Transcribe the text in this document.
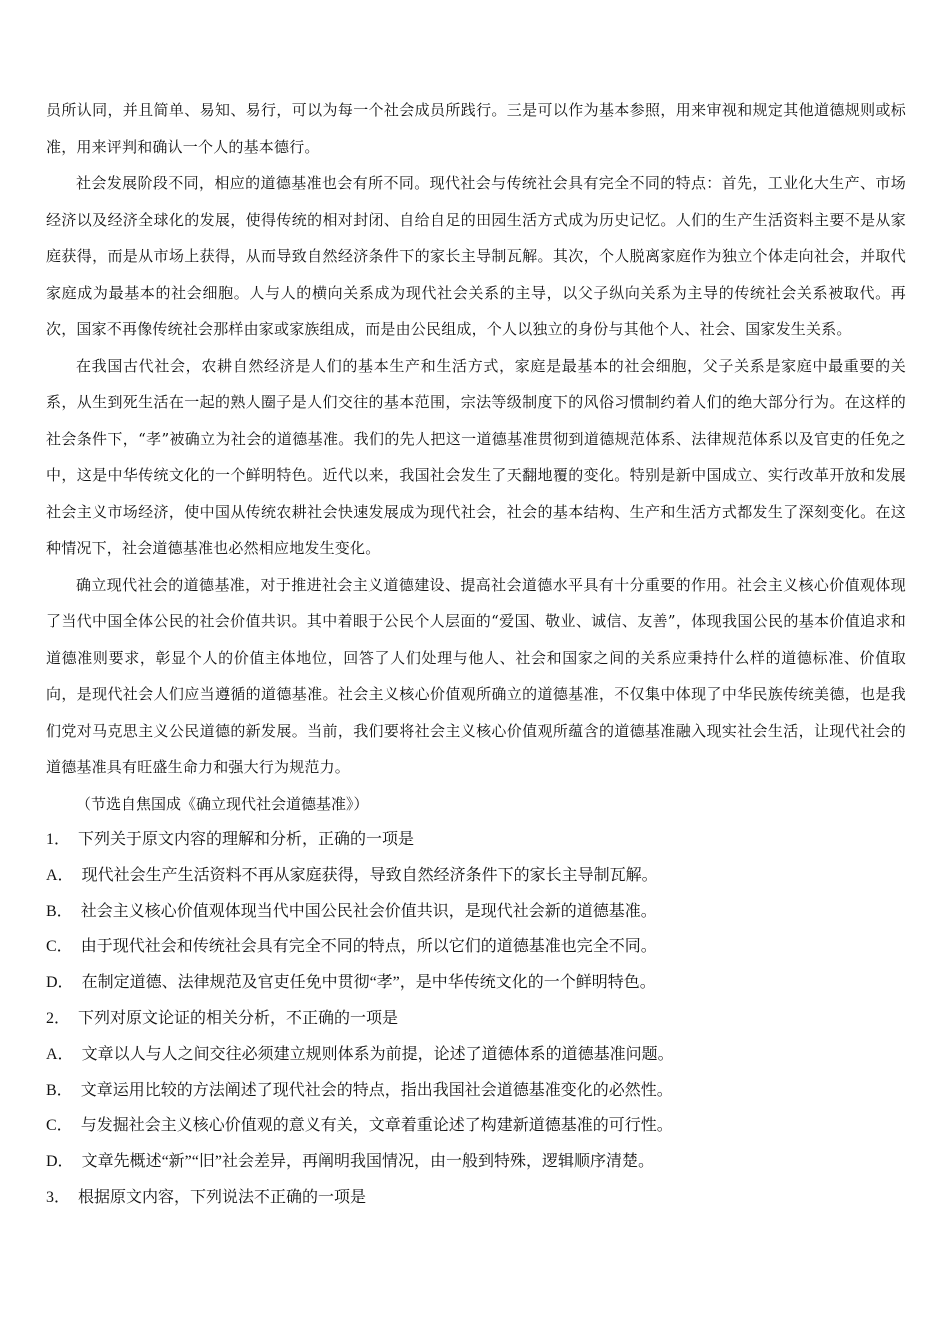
员所认同，并且简单、易知、易行，可以为每一个社会成员所践行。三是可以作为基本参照，用来审视和规定其他道德规则或标准，用来评判和确认一个人的基本德行。

社会发展阶段不同，相应的道德基准也会有所不同。现代社会与传统社会具有完全不同的特点：首先，工业化大生产、市场经济以及经济全球化的发展，使得传统的相对封闭、自给自足的田园生活方式成为历史记忆。人们的生产生活资料主要不是从家庭获得，而是从市场上获得，从而导致自然经济条件下的家长主导制瓦解。其次，个人脱离家庭作为独立个体走向社会，并取代家庭成为最基本的社会细胞。人与人的横向关系成为现代社会关系的主导，以父子纵向关系为主导的传统社会关系被取代。再次，国家不再像传统社会那样由家或家族组成，而是由公民组成，个人以独立的身份与其他个人、社会、国家发生关系。

在我国古代社会，农耕自然经济是人们的基本生产和生活方式，家庭是最基本的社会细胞，父子关系是家庭中最重要的关系，从生到死生活在一起的熟人圈子是人们交往的基本范围，宗法等级制度下的风俗习惯制约着人们的绝大部分行为。在这样的社会条件下，“孝”被确立为社会的道德基准。我们的先人把这一道德基准贯彻到道德规范体系、法律规范体系以及官吏的任免之中，这是中华传统文化的一个鲜明特色。近代以来，我国社会发生了天翻地覆的变化。特别是新中国成立、实行改革开放和发展社会主义市场经济，使中国从传统农耕社会快速发展成为现代社会，社会的基本结构、生产和生活方式都发生了深刻变化。在这种情况下，社会道德基准也必然相应地发生变化。

确立现代社会的道德基准，对于推进社会主义道德建设、提高社会道德水平具有十分重要的作用。社会主义核心价值观体现了当代中国全体公民的社会价值共识。其中着眼于公民个人层面的“爱国、敬业、诚信、友善”，体现我国公民的基本价值追求和道德准则要求，彰显个人的价值主体地位，回答了人们处理与他人、社会和国家之间的关系应秉持什么样的道德标准、价值取向，是现代社会人们应当遵循的道德基准。社会主义核心价值观所确立的道德基准，不仅集中体现了中华民族传统美德，也是我们党对马克思主义公民道德的新发展。当前，我们要将社会主义核心价值观所蕴含的道德基准融入现实社会生活，让现代社会的道德基准具有旺盛生命力和强大行为规范力。

（节选自焦国成《确立现代社会道德基准》）

1． 下列关于原文内容的理解和分析，正确的一项是

A． 现代社会生产生活资料不再从家庭获得，导致自然经济条件下的家长主导制瓦解。

B． 社会主义核心价值观体现当代中国公民社会价值共识，是现代社会新的道德基准。

C． 由于现代社会和传统社会具有完全不同的特点，所以它们的道德基准也完全不同。

D． 在制定道德、法律规范及官吏任免中贯彻“孝”，是中华传统文化的一个鲜明特色。

2． 下列对原文论证的相关分析，不正确的一项是

A． 文章以人与人之间交往必须建立规则体系为前提，论述了道德体系的道德基准问题。

B． 文章运用比较的方法阐述了现代社会的特点，指出我国社会道德基准变化的必然性。

C． 与发掘社会主义核心价值观的意义有关，文章着重论述了构建新道德基准的可行性。

D． 文章先概述“新”“旧”社会差异，再阐明我国情况，由一般到特殊，逻辑顺序清楚。

3． 根据原文内容，下列说法不正确的一项是
